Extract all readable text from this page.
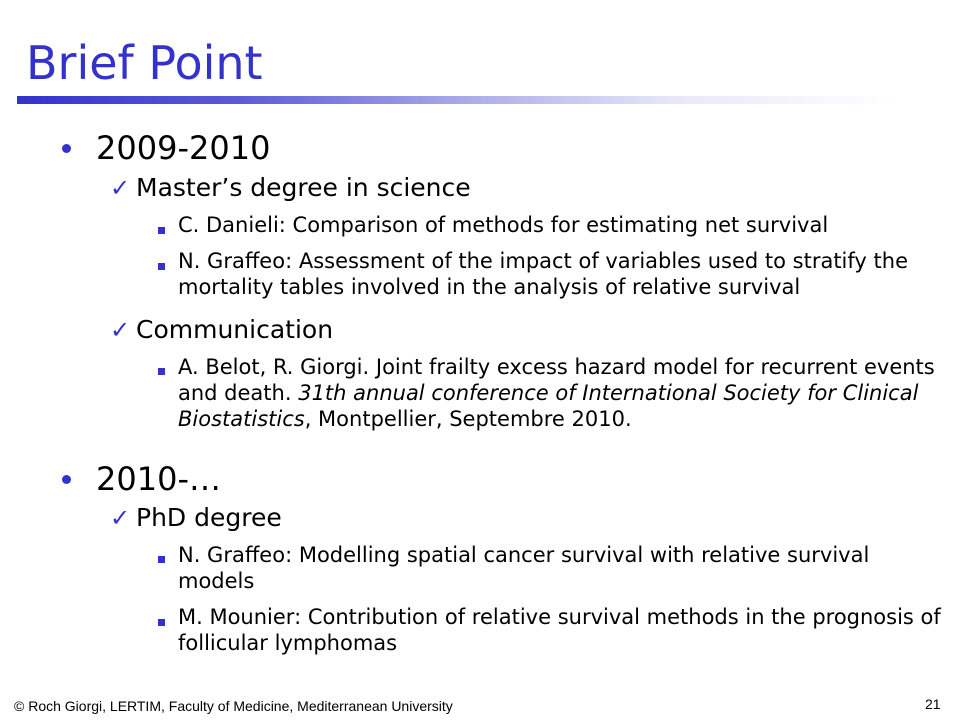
Brief Point
2009-2010
✓ Master’s degree in science
C. Danieli: Comparison of methods for estimating net survival
N. Graffeo: Assessment of the impact of variables used to stratify the mortality tables involved in the analysis of relative survival
✓ Communication
A. Belot, R. Giorgi. Joint frailty excess hazard model for recurrent events and death. 31th annual conference of International Society for Clinical Biostatistics, Montpellier, Septembre 2010.
2010-…
✓ PhD degree
N. Graffeo: Modelling spatial cancer survival with relative survival models
M. Mounier: Contribution of relative survival methods in the prognosis of follicular lymphomas
© Roch Giorgi, LERTIM, Faculty of Medicine, Mediterranean University	21
